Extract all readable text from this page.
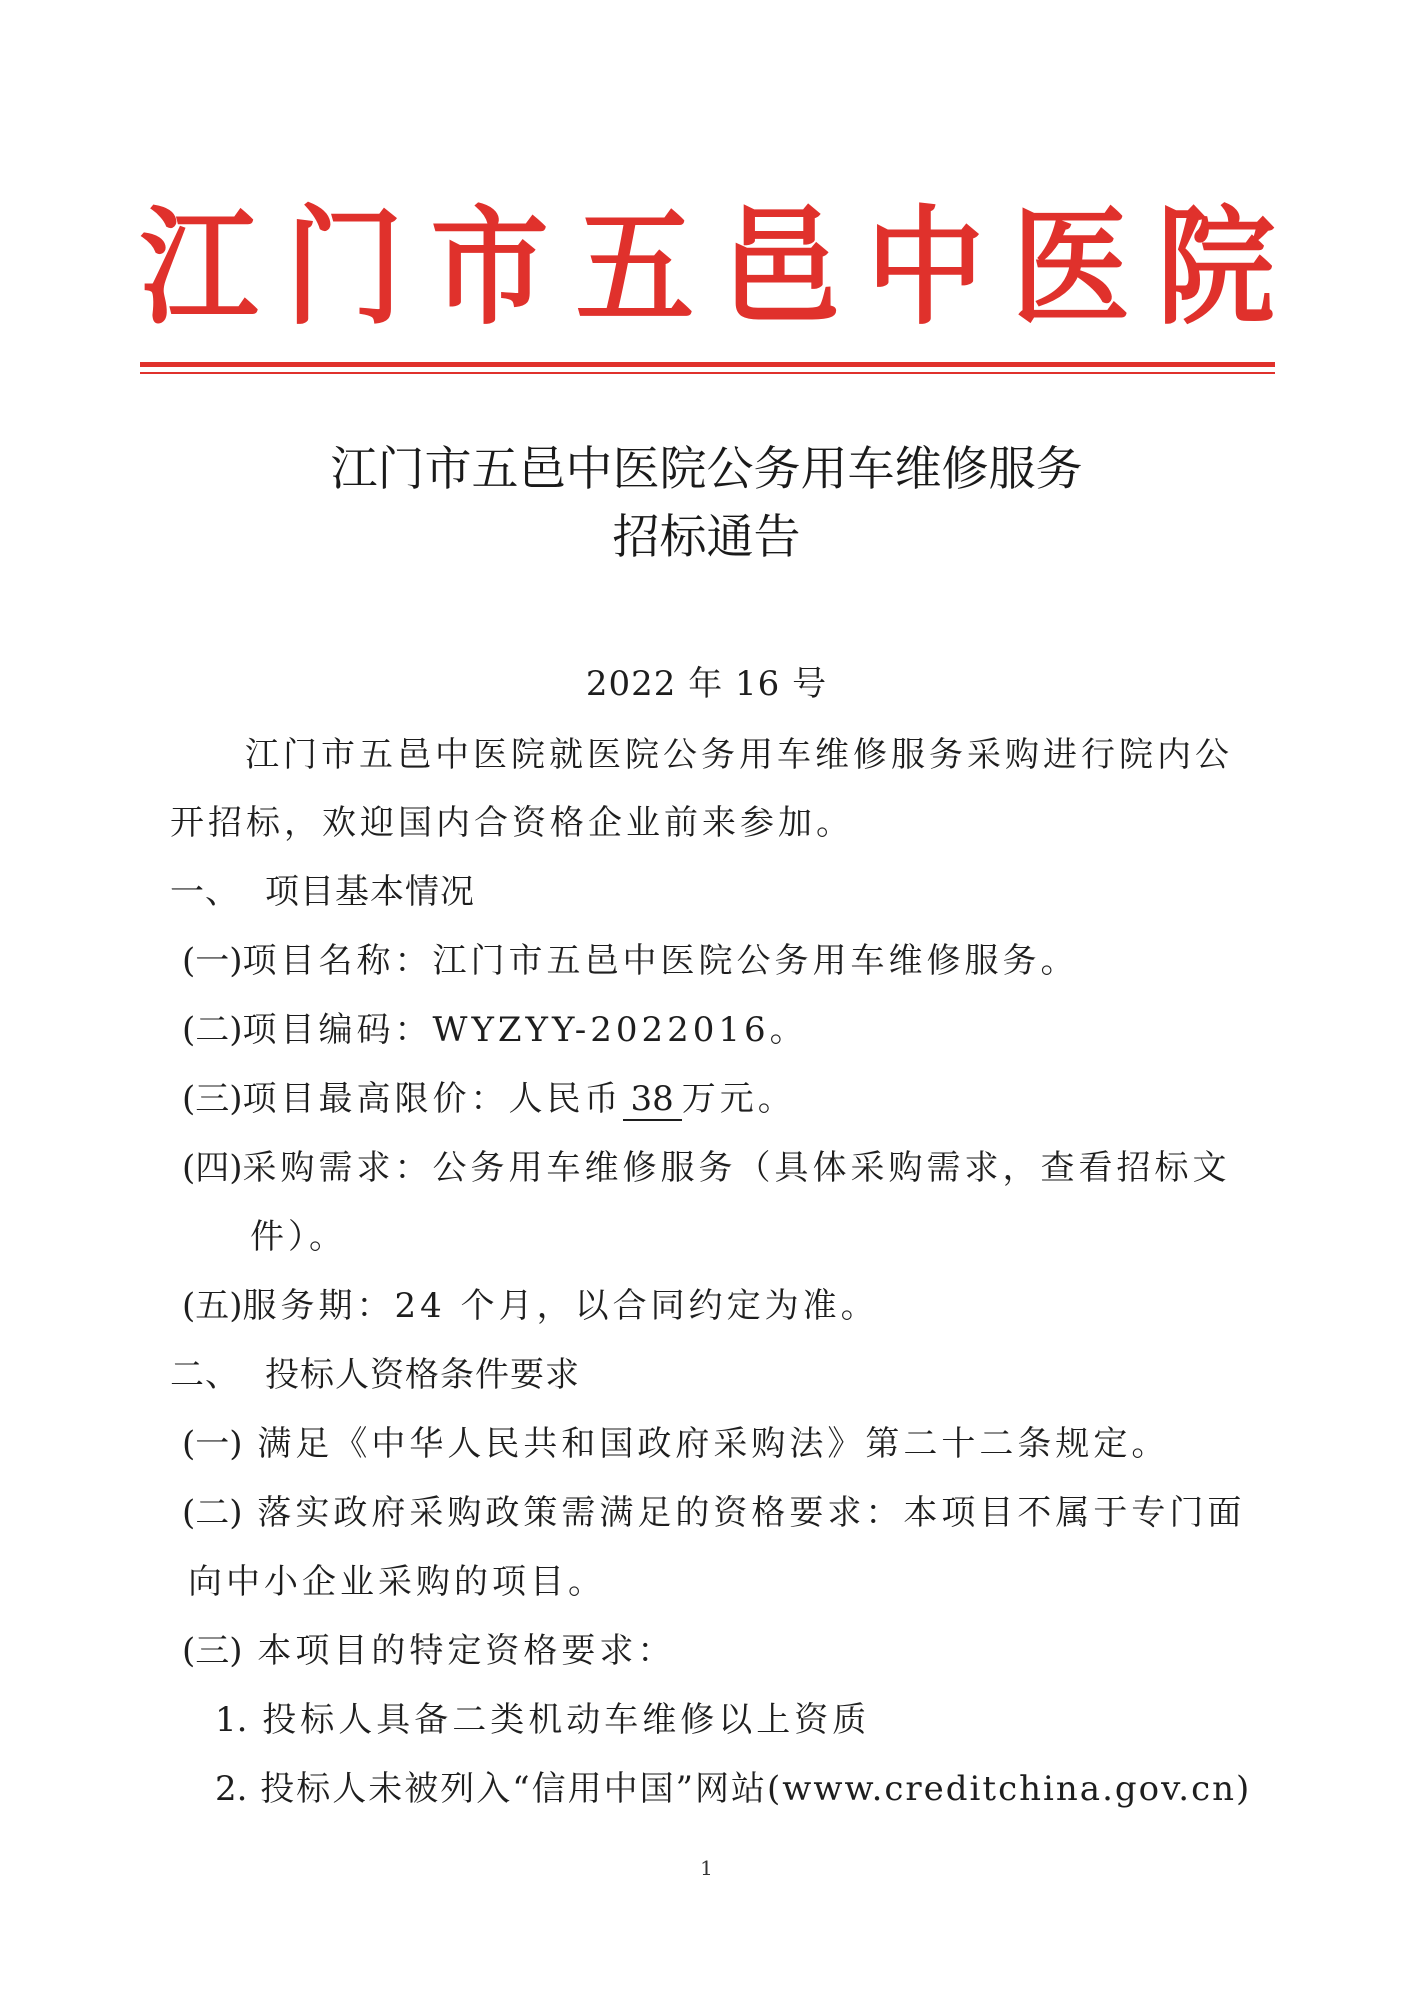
江 门 市 五 邑 中 医 院
江门市五邑中医院公务用车维修服务
招标通告

2022 年 16 号

江门市五邑中医院就医院公务用车维修服务采购进行院内公

开招标，欢迎国内合资格企业前来参加。

一、 项目基本情况

(一)项目名称：江门市五邑中医院公务用车维修服务。

(二)项目编码：WYZYY-2022016。

(三)项目最高限价：人民币 38 万元。

(四)采购需求：公务用车维修服务（具体采购需求，查看招标文

件）。

(五)服务期：24 个月，以合同约定为准。

二、 投标人资格条件要求

(一) 满足《中华人民共和国政府采购法》第二十二条规定。

(二) 落实政府采购政策需满足的资格要求：本项目不属于专门面

向中小企业采购的项目。

(三) 本项目的特定资格要求：

1. 投标人具备二类机动车维修以上资质

2. 投标人未被列入“信用中国”网站(www.creditchina.gov.cn)

1
